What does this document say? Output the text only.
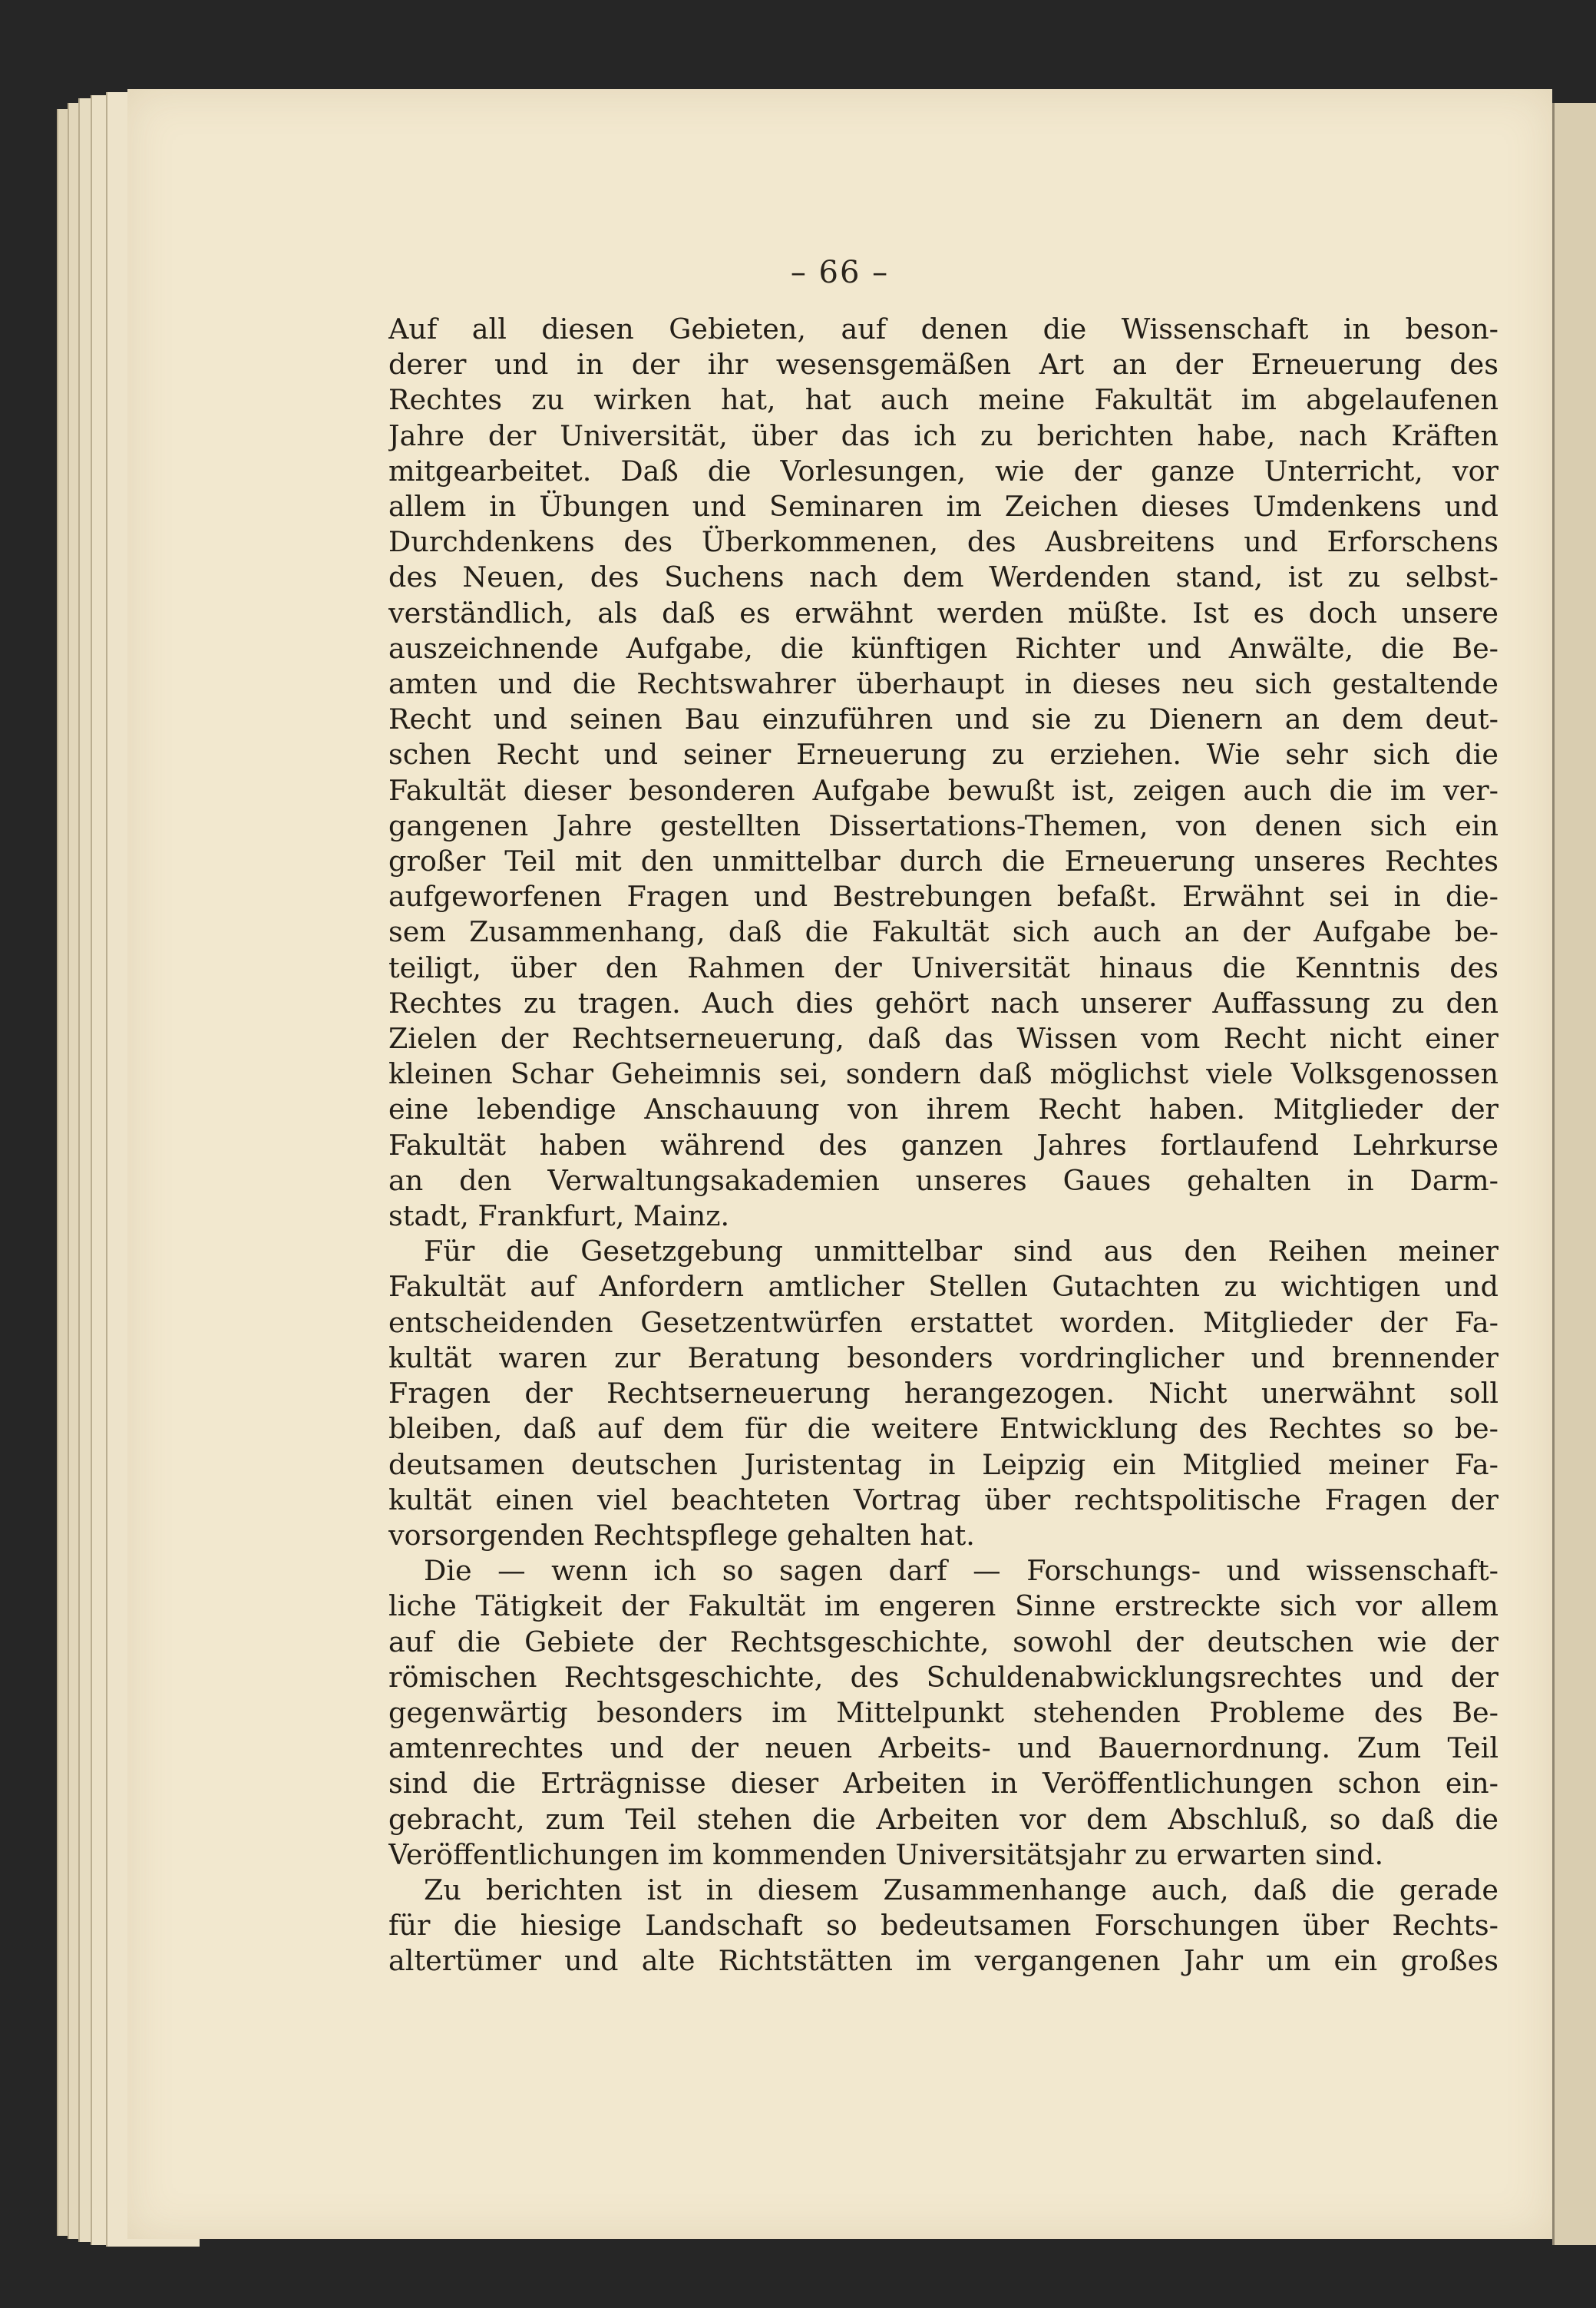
– 66 –

Auf all diesen Gebieten, auf denen die Wissenschaft in beson-
derer und in der ihr wesensgemäßen Art an der Erneuerung des
Rechtes zu wirken hat, hat auch meine Fakultät im abgelaufenen
Jahre der Universität, über das ich zu berichten habe, nach Kräften
mitgearbeitet. Daß die Vorlesungen, wie der ganze Unterricht, vor
allem in Übungen und Seminaren im Zeichen dieses Umdenkens und
Durchdenkens des Überkommenen, des Ausbreitens und Erforschens
des Neuen, des Suchens nach dem Werdenden stand, ist zu selbst-
verständlich, als daß es erwähnt werden müßte. Ist es doch unsere
auszeichnende Aufgabe, die künftigen Richter und Anwälte, die Be-
amten und die Rechtswahrer überhaupt in dieses neu sich gestaltende
Recht und seinen Bau einzuführen und sie zu Dienern an dem deut-
schen Recht und seiner Erneuerung zu erziehen. Wie sehr sich die
Fakultät dieser besonderen Aufgabe bewußt ist, zeigen auch die im ver-
gangenen Jahre gestellten Dissertations-Themen, von denen sich ein
großer Teil mit den unmittelbar durch die Erneuerung unseres Rechtes
aufgeworfenen Fragen und Bestrebungen befaßt. Erwähnt sei in die-
sem Zusammenhang, daß die Fakultät sich auch an der Aufgabe be-
teiligt, über den Rahmen der Universität hinaus die Kenntnis des
Rechtes zu tragen. Auch dies gehört nach unserer Auffassung zu den
Zielen der Rechtserneuerung, daß das Wissen vom Recht nicht einer
kleinen Schar Geheimnis sei, sondern daß möglichst viele Volksgenossen
eine lebendige Anschauung von ihrem Recht haben. Mitglieder der
Fakultät haben während des ganzen Jahres fortlaufend Lehrkurse
an den Verwaltungsakademien unseres Gaues gehalten in Darm-
stadt, Frankfurt, Mainz.

Für die Gesetzgebung unmittelbar sind aus den Reihen meiner
Fakultät auf Anfordern amtlicher Stellen Gutachten zu wichtigen und
entscheidenden Gesetzentwürfen erstattet worden. Mitglieder der Fa-
kultät waren zur Beratung besonders vordringlicher und brennender
Fragen der Rechtserneuerung herangezogen. Nicht unerwähnt soll
bleiben, daß auf dem für die weitere Entwicklung des Rechtes so be-
deutsamen deutschen Juristentag in Leipzig ein Mitglied meiner Fa-
kultät einen viel beachteten Vortrag über rechtspolitische Fragen der
vorsorgenden Rechtspflege gehalten hat.

Die — wenn ich so sagen darf — Forschungs- und wissenschaft-
liche Tätigkeit der Fakultät im engeren Sinne erstreckte sich vor allem
auf die Gebiete der Rechtsgeschichte, sowohl der deutschen wie der
römischen Rechtsgeschichte, des Schuldenabwicklungsrechtes und der
gegenwärtig besonders im Mittelpunkt stehenden Probleme des Be-
amtenrechtes und der neuen Arbeits- und Bauernordnung. Zum Teil
sind die Erträgnisse dieser Arbeiten in Veröffentlichungen schon ein-
gebracht, zum Teil stehen die Arbeiten vor dem Abschluß, so daß die
Veröffentlichungen im kommenden Universitätsjahr zu erwarten sind.

Zu berichten ist in diesem Zusammenhange auch, daß die gerade
für die hiesige Landschaft so bedeutsamen Forschungen über Rechts-
altertümer und alte Richtstätten im vergangenen Jahr um ein großes
